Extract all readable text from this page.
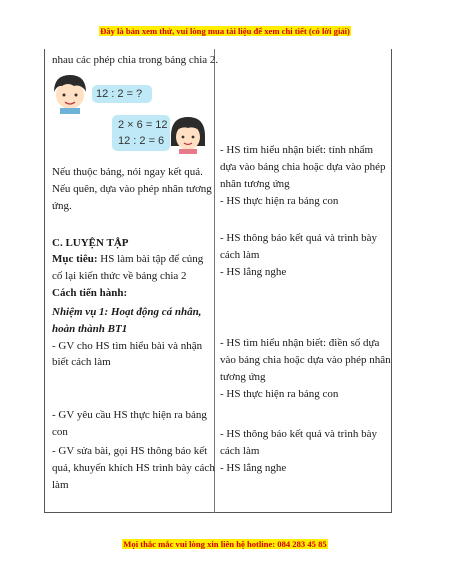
Đây là bản xem thử, vui lòng mua tài liệu để xem chi tiết (có lời giải)
nhau các phép chia trong bảng chia 2.
12 : 2 = ?
2 × 6 = 12
12 : 2 = 6
Nếu thuộc bảng, nói ngay kết quả.
Nếu quên, dựa vào phép nhân tương
ứng.
C. LUYỆN TẬP
Mục tiêu: HS làm bài tập để củng
cố lại kiến thức về bảng chia 2
Cách tiến hành:
Nhiệm vụ 1: Hoạt động cá nhân,
hoàn thành BT1
- GV cho HS tìm hiểu bài và nhận
biết cách làm
- GV yêu cầu HS thực hiện ra bảng
con
- GV sửa bài, gọi HS thông báo kết
quả, khuyến khích HS trình bày cách
làm
- HS tìm hiểu nhận biết: tính nhẩm
dựa vào bảng chia hoặc dựa vào phép
nhân tương ứng
- HS thực hiện ra bảng con
- HS thông báo kết quả và trình bày
cách làm
- HS lắng nghe
- HS tìm hiểu nhận biết: điền số dựa
vào bảng chia hoặc dựa vào phép nhân
tương ứng
- HS thực hiện ra bảng con
- HS thông báo kết quả và trình bày
cách làm
- HS lắng nghe
Mọi thắc mắc vui lòng xin liên hệ hotline: 084 283 45 85
